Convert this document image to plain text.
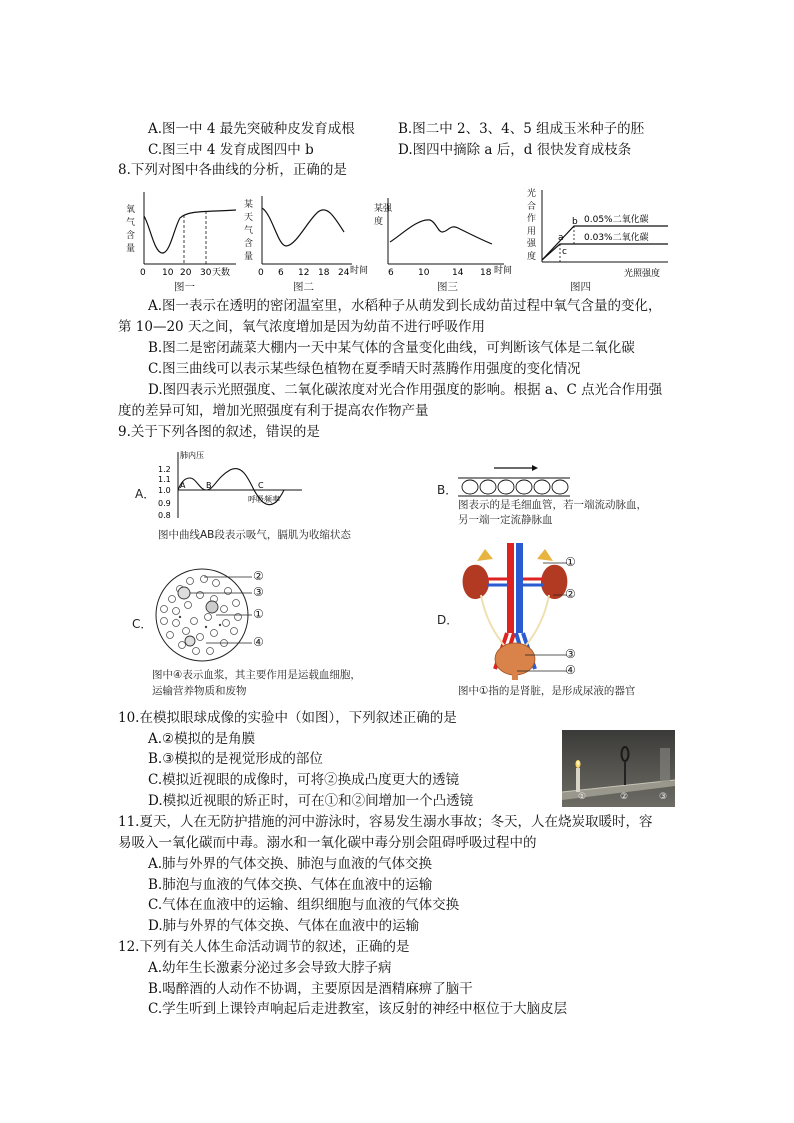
A.图一中 4 最先突破种皮发育成根	B.图二中 2、3、4、5 组成玉米种子的胚
C.图三中 4 发育成图四中 b	D.图四中摘除 a 后，d 很快发育成枝条
8.下列对图中各曲线的分析，正确的是
10
0	20 30 天数
氧气含量
图一
0 6 12 18 24 时间
某天气含量
图二
6	10	14 18 时间
某强度
图三
a
b
c
0.05%二氧化碳
0.03%二氧化碳
光照强度
光合作用强度
图四
A.图一表示在透明的密闭温室里，水稻种子从萌发到长成幼苗过程中氧气含量的变化，
第 10—20 天之间，氧气浓度增加是因为幼苗不进行呼吸作用
B.图二是密闭蔬菜大棚内一天中某气体的含量变化曲线，可判断该气体是二氧化碳
C.图三曲线可以表示某些绿色植物在夏季晴天时蒸腾作用强度的变化情况
D.图四表示光照强度、二氧化碳浓度对光合作用强度的影响。根据 a、C 点光合作用强
度的差异可知，增加光照强度有利于提高农作物产量
9.关于下列各图的叙述，错误的是
A．
肺内压
1.2
1.1
1.0
0.9
0.8
A	B	C
呼吸频率
图中曲线AB段表示吸气，膈肌为收缩状态
B．
图表示的是毛细血管，若一端流动脉血，
另一端一定流静脉血
C．
②
③
①
④
图中④表示血浆，其主要作用是运载血细胞，
运输营养物质和废物
D．
①
②
③
④
图中①指的是肾脏，是形成尿液的器官
10.在模拟眼球成像的实验中（如图），下列叙述正确的是
A.②模拟的是角膜
B.③模拟的是视觉形成的部位
C.模拟近视眼的成像时，可将②换成凸度更大的透镜
D.模拟近视眼的矫正时，可在①和②间增加一个凸透镜	①	②	③
11.夏天，人在无防护措施的河中游泳时，容易发生溺水事故；冬天，人在烧炭取暖时，容
易吸入一氧化碳而中毒。溺水和一氧化碳中毒分别会阻碍呼吸过程中的
A.肺与外界的气体交换、肺泡与血液的气体交换
B.肺泡与血液的气体交换、气体在血液中的运输
C.气体在血液中的运输、组织细胞与血液的气体交换
D.肺与外界的气体交换、气体在血液中的运输
12.下列有关人体生命活动调节的叙述，正确的是
A.幼年生长激素分泌过多会导致大脖子病
B.喝醉酒的人动作不协调，主要原因是酒精麻痹了脑干
C.学生听到上课铃声响起后走进教室，该反射的神经中枢位于大脑皮层
